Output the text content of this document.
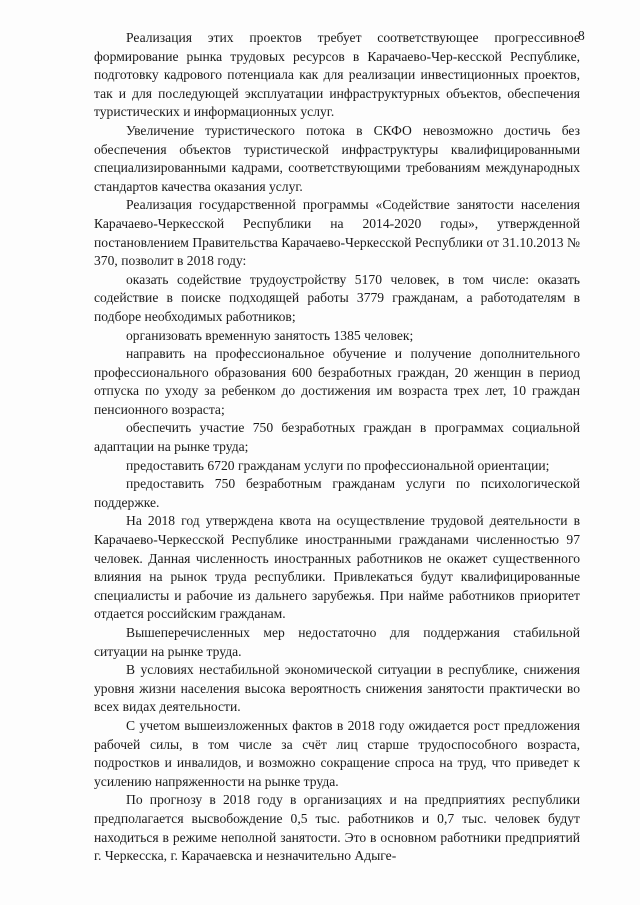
8

Реализация этих проектов требует соответствующее прогрессивное формирование рынка трудовых ресурсов в Карачаево-Чер-кесской Республике, подготовку кадрового потенциала как для реализации инвестиционных проектов, так и для последующей эксплуатации инфраструктурных объектов, обеспечения туристических и информационных услуг.

Увеличение туристического потока в СКФО невозможно достичь без обеспечения объектов туристической инфраструктуры квалифицированными специализированными кадрами, соответствующими требованиям международных стандартов качества оказания услуг.

Реализация государственной программы «Содействие занятости населения Карачаево-Черкесской Республики на 2014-2020 годы», утвержденной постановлением Правительства Карачаево-Черкесской Республики от 31.10.2013 № 370, позволит в 2018 году:

оказать содействие трудоустройству 5170 человек, в том числе: оказать содействие в поиске подходящей работы 3779 гражданам, а работодателям в подборе необходимых работников;

организовать временную занятость 1385 человек;

направить на профессиональное обучение и получение дополнительного профессионального образования 600 безработных граждан, 20 женщин в период отпуска по уходу за ребенком до достижения им возраста трех лет, 10 граждан пенсионного возраста;

обеспечить участие 750 безработных граждан в программах социальной адаптации на рынке труда;

предоставить 6720 гражданам услуги по профессиональной ориентации;

предоставить 750 безработным гражданам услуги по психологической поддержке.

На 2018 год утверждена квота на осуществление трудовой деятельности в Карачаево-Черкесской Республике иностранными гражданами численностью 97 человек. Данная численность иностранных работников не окажет существенного влияния на рынок труда республики. Привлекаться будут квалифицированные специалисты и рабочие из дальнего зарубежья. При найме работников приоритет отдается российским гражданам.

Вышеперечисленных мер недостаточно для поддержания стабильной ситуации на рынке труда.

В условиях нестабильной экономической ситуации в республике, снижения уровня жизни населения высока вероятность снижения занятости практически во всех видах деятельности.

С учетом вышеизложенных фактов в 2018 году ожидается рост предложения рабочей силы, в том числе за счёт лиц старше трудоспособного возраста, подростков и инвалидов, и возможно сокращение спроса на труд, что приведет к усилению напряженности на рынке труда.

По прогнозу в 2018 году в организациях и на предприятиях республики предполагается высвобождение 0,5 тыс. работников и 0,7 тыс. человек будут находиться в режиме неполной занятости. Это в основном работники предприятий г. Черкесска, г. Карачаевска и незначительно Адыге-
